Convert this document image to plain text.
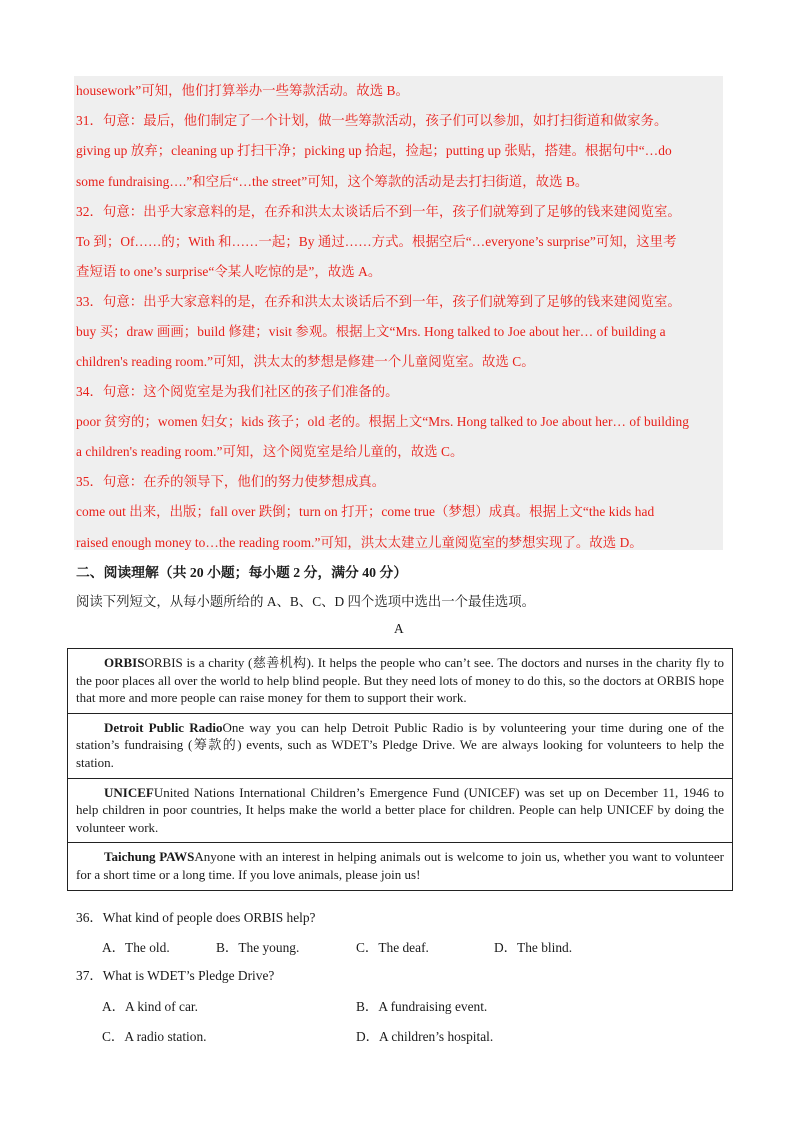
housework”可知，他们打算举办一些筹款活动。故选 B。
31．句意：最后，他们制定了一个计划，做一些筹款活动，孩子们可以参加，如打扫街道和做家务。
giving up 放弃；cleaning up 打扫干净；picking up 拾起，捡起；putting up 张贴，搭建。根据句中“…do
some fundraising….”和空后“…the street”可知，这个筹款的活动是去打扫街道，故选 B。
32．句意：出乎大家意料的是，在乔和洪太太谈话后不到一年，孩子们就筹到了足够的钱来建阅览室。
To 到；Of……的；With 和……一起；By 通过……方式。根据空后“…everyone’s surprise”可知，这里考
查短语 to one’s surprise“令某人吃惊的是”，故选 A。
33．句意：出乎大家意料的是，在乔和洪太太谈话后不到一年，孩子们就筹到了足够的钱来建阅览室。
buy 买；draw 画画；build 修建；visit 参观。根据上文“Mrs. Hong talked to Joe about her… of building a
children's reading room.”可知，洪太太的梦想是修建一个儿童阅览室。故选 C。
34．句意：这个阅览室是为我们社区的孩子们准备的。
poor 贫穷的；women 妇女；kids 孩子；old 老的。根据上文“Mrs. Hong talked to Joe about her… of building
a children's reading room.”可知，这个阅览室是给儿童的，故选 C。
35．句意：在乔的领导下，他们的努力使梦想成真。
come out 出来，出版；fall over 跌倒；turn on 打开；come true（梦想）成真。根据上文“the kids had
raised enough money to…the reading room.”可知，洪太太建立儿童阅览室的梦想实现了。故选 D。
二、阅读理解（共 20 小题；每小题 2 分，满分 40 分）
阅读下列短文，从每小题所给的 A、B、C、D 四个选项中选出一个最佳选项。
A
ORBISORBIS is a charity (慈善机构). It helps the people who can’t see. The doctors and nurses in the charity fly to the poor places all over the world to help blind people. But they need lots of money to do this, so the doctors at ORBIS hope that more and more people can raise money for them to support their work.
Detroit Public RadioOne way you can help Detroit Public Radio is by volunteering your time during one of the station’s fundraising (筹款的) events, such as WDET’s Pledge Drive. We are always looking for volunteers to help the station.
UNICEFUnited Nations International Children’s Emergence Fund (UNICEF) was set up on December 11, 1946 to help children in poor countries, It helps make the world a better place for children. People can help UNICEF by doing the volunteer work.
Taichung PAWSAnyone with an interest in helping animals out is welcome to join us, whether you want to volunteer for a short time or a long time. If you love animals, please join us!
36．What kind of people does ORBIS help?
A．The old.	B．The young.	C．The deaf.	D．The blind.
37．What is WDET’s Pledge Drive?
A．A kind of car.	B．A fundraising event.
C．A radio station.	D．A children’s hospital.
